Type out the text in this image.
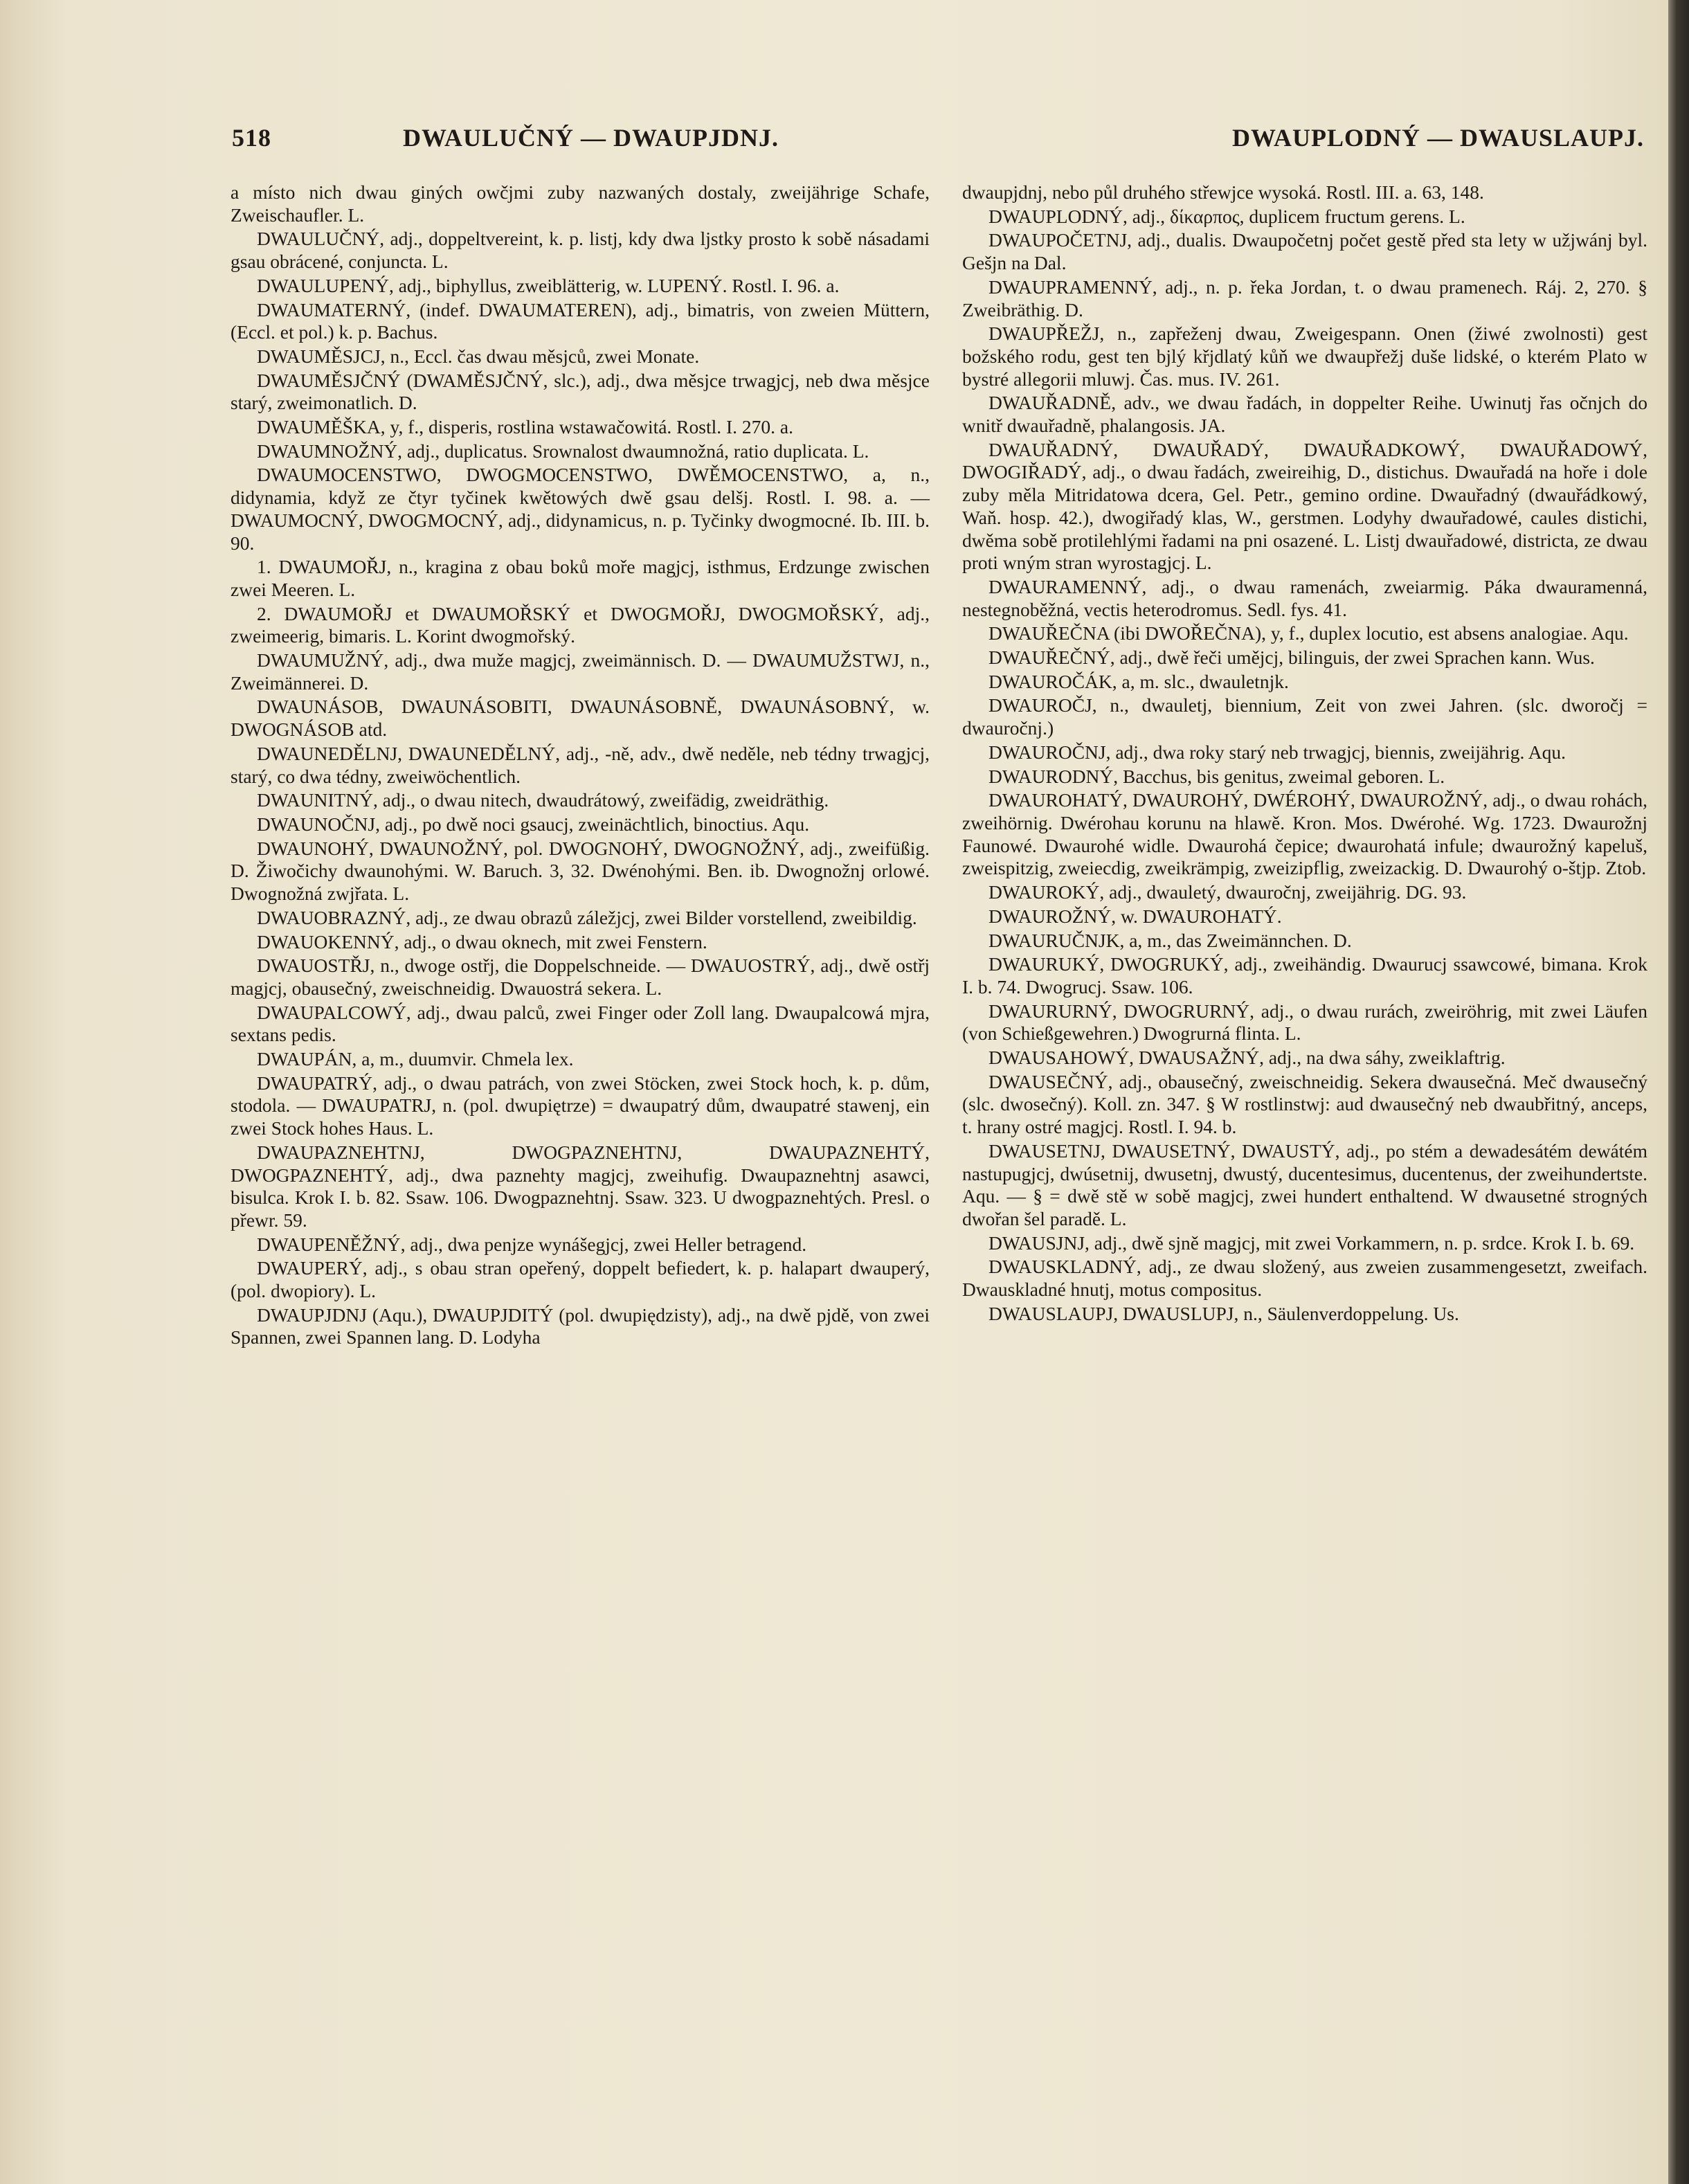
518	DWAULUČNÝ — DWAUPJDNJ.	DWAUPLODNÝ — DWAUSLAUPJ.

a místo nich dwau giných owčjmi zuby nazwaných dostaly, zweijährige Schafe, Zweischaufler. L.

DWAULUČNÝ, adj., doppeltvereint, k. p. listj, kdy dwa ljstky prosto k sobě násadami gsau obrácené, conjuncta. L.

DWAULUPENÝ, adj., biphyllus, zweiblätterig, w. LUPENÝ. Rostl. I. 96. a.

DWAUMATERNÝ, (indef. DWAUMATEREN), adj., bimatris, von zweien Müttern, (Eccl. et pol.) k. p. Bachus.

DWAUMĚSJCJ, n., Eccl. čas dwau měsjců, zwei Monate.

DWAUMĚSJČNÝ (DWAMĚSJČNÝ, slc.), adj., dwa měsjce trwagjcj, neb dwa měsjce starý, zweimonatlich. D.

DWAUMĚŠKA, y, f., disperis, rostlina wstawačowitá. Rostl. I. 270. a.

DWAUMNOŽNÝ, adj., duplicatus. Srownalost dwaumnožná, ratio duplicata. L.

DWAUMOCENSTWO, DWOGMOCENSTWO, DWĚMOCENSTWO, a, n., didynamia, když ze čtyr tyčinek kwětowých dwě gsau delšj. Rostl. I. 98. a. — DWAUMOCNÝ, DWOGMOCNÝ, adj., didynamicus, n. p. Tyčinky dwogmocné. Ib. III. b. 90.

1. DWAUMOŘJ, n., kragina z obau boků moře magjcj, isthmus, Erdzunge zwischen zwei Meeren. L.

2. DWAUMOŘJ et DWAUMOŘSKÝ et DWOGMOŘJ, DWOGMOŘSKÝ, adj., zweimeerig, bimaris. L. Korint dwogmořský.

DWAUMUŽNÝ, adj., dwa muže magjcj, zweimännisch. D. — DWAUMUŽSTWJ, n., Zweimännerei. D.

DWAUNÁSOB, DWAUNÁSOBITI, DWAUNÁSOBNĚ, DWAUNÁSOBNÝ, w. DWOGNÁSOB atd.

DWAUNEDĚLNJ, DWAUNEDĚLNÝ, adj., -ně, adv., dwě neděle, neb tédny trwagjcj, starý, co dwa tédny, zweiwöchentlich.

DWAUNITNÝ, adj., o dwau nitech, dwaudrátowý, zweifädig, zweidräthig.

DWAUNOČNJ, adj., po dwě noci gsaucj, zweinächtlich, binoctius. Aqu.

DWAUNOHÝ, DWAUNOŽNÝ, pol. DWOGNOHÝ, DWOGNOŽNÝ, adj., zweifüßig. D. Žiwočichy dwaunohými. W. Baruch. 3, 32. Dwénohými. Ben. ib. Dwognožnj orlowé. Dwognožná zwjřata. L.

DWAUOBRAZNÝ, adj., ze dwau obrazů záležjcj, zwei Bilder vorstellend, zweibildig.

DWAUOKENNÝ, adj., o dwau oknech, mit zwei Fenstern.

DWAUOSTŘJ, n., dwoge ostřj, die Doppelschneide. — DWAUOSTRÝ, adj., dwě ostřj magjcj, obausečný, zweischneidig. Dwauostrá sekera. L.

DWAUPALCOWÝ, adj., dwau palců, zwei Finger oder Zoll lang. Dwaupalcowá mjra, sextans pedis.

DWAUPÁN, a, m., duumvir. Chmela lex.

DWAUPATRÝ, adj., o dwau patrách, von zwei Stöcken, zwei Stock hoch, k. p. dům, stodola. — DWAUPATRJ, n. (pol. dwupiętrze) = dwaupatrý dům, dwaupatré stawenj, ein zwei Stock hohes Haus. L.

DWAUPAZNEHTNJ, DWOGPAZNEHTNJ, DWAUPAZNEHTÝ, DWOGPAZNEHTÝ, adj., dwa paznehty magjcj, zweihufig. Dwaupaznehtnj asawci, bisulca. Krok I. b. 82. Ssaw. 106. Dwogpaznehtnj. Ssaw. 323. U dwogpaznehtých. Presl. o přewr. 59.

DWAUPENĚŽNÝ, adj., dwa penjze wynášegjcj, zwei Heller betragend.

DWAUPERÝ, adj., s obau stran opeřený, doppelt befiedert, k. p. halapart dwauperý, (pol. dwopiory). L.

DWAUPJDNJ (Aqu.), DWAUPJDITÝ (pol. dwupiędzisty), adj., na dwě pjdě, von zwei Spannen, zwei Spannen lang. D. Lodyha

dwaupjdnj, nebo půl druhého střewjce wysoká. Rostl. III. a. 63, 148.

DWAUPLODNÝ, adj., δίκαρπος, duplicem fructum gerens. L.

DWAUPOČETNJ, adj., dualis. Dwaupočetnj počet gestě před sta lety w užjwánj byl. Gešjn na Dal.

DWAUPRAMENNÝ, adj., n. p. řeka Jordan, t. o dwau pramenech. Ráj. 2, 270. § Zweibräthig. D.

DWAUPŘEŽJ, n., zapřeženj dwau, Zweigespann. Onen (žiwé zwolnosti) gest božského rodu, gest ten bjlý křjdlatý kůň we dwaupřežj duše lidské, o kterém Plato w bystré allegorii mluwj. Čas. mus. IV. 261.

DWAUŘADNĚ, adv., we dwau řadách, in doppelter Reihe. Uwinutj řas očnjch do wnitř dwauřadně, phalangosis. JA.

DWAUŘADNÝ, DWAUŘADÝ, DWAUŘADKOWÝ, DWAUŘADOWÝ, DWOGIŘADÝ, adj., o dwau řadách, zweireihig, D., distichus. Dwauřadá na hoře i dole zuby měla Mitridatowa dcera, Gel. Petr., gemino ordine. Dwauřadný (dwauřádkowý, Waň. hosp. 42.), dwogiřadý klas, W., gerstmen. Lodyhy dwauřadowé, caules distichi, dwěma sobě protilehlými řadami na pni osazené. L. Listj dwauřadowé, districta, ze dwau proti wným stran wyrostagjcj. L.

DWAURAMENNÝ, adj., o dwau ramenách, zweiarmig. Páka dwauramenná, nestegnoběžná, vectis heterodromus. Sedl. fys. 41.

DWAUŘEČNA (ibi DWOŘEČNA), y, f., duplex locutio, est absens analogiae. Aqu.

DWAUŘEČNÝ, adj., dwě řeči umějcj, bilinguis, der zwei Sprachen kann. Wus.

DWAUROČÁK, a, m. slc., dwauletnjk.

DWAUROČJ, n., dwauletj, biennium, Zeit von zwei Jahren. (slc. dworočj = dwauročnj.)

DWAUROČNJ, adj., dwa roky starý neb trwagjcj, biennis, zweijährig. Aqu.

DWAURODNÝ, Bacchus, bis genitus, zweimal geboren. L.

DWAUROHATÝ, DWAUROHÝ, DWÉROHÝ, DWAUROŽNÝ, adj., o dwau rohách, zweihörnig. Dwérohau korunu na hlawě. Kron. Mos. Dwérohé. Wg. 1723. Dwaurožnj Faunowé. Dwaurohé widle. Dwaurohá čepice; dwaurohatá infule; dwaurožný kapeluš, zweispitzig, zweiecdig, zweikrämpig, zweizipflig, zweizackig. D. Dwaurohý o-štjp. Ztob.

DWAUROKÝ, adj., dwauletý, dwauročnj, zweijährig. DG. 93.

DWAUROŽNÝ, w. DWAUROHATÝ.

DWAURUČNJK, a, m., das Zweimännchen. D.

DWAURUKÝ, DWOGRUKÝ, adj., zweihändig. Dwaurucj ssawcowé, bimana. Krok I. b. 74. Dwogrucj. Ssaw. 106.

DWAURURNÝ, DWOGRURNÝ, adj., o dwau rurách, zweiröhrig, mit zwei Läufen (von Schießgewehren.) Dwogrurná flinta. L.

DWAUSAHOWÝ, DWAUSAŽNÝ, adj., na dwa sáhy, zweiklaftrig.

DWAUSEČNÝ, adj., obausečný, zweischneidig. Sekera dwausečná. Meč dwausečný (slc. dwosečný). Koll. zn. 347. § W rostlinstwj: aud dwausečný neb dwaubřitný, anceps, t. hrany ostré magjcj. Rostl. I. 94. b.

DWAUSETNJ, DWAUSETNÝ, DWAUSTÝ, adj., po stém a dewadesátém dewátém nastupugjcj, dwúsetnij, dwusetnj, dwustý, ducentesimus, ducentenus, der zweihundertste. Aqu. — § = dwě stě w sobě magjcj, zwei hundert enthaltend. W dwausetné strogných dwořan šel paradě. L.

DWAUSJNJ, adj., dwě sjně magjcj, mit zwei Vorkammern, n. p. srdce. Krok I. b. 69.

DWAUSKLADNÝ, adj., ze dwau složený, aus zweien zusammengesetzt, zweifach. Dwauskladné hnutj, motus compositus.

DWAUSLAUPJ, DWAUSLUPJ, n., Säulenverdoppelung. Us.
